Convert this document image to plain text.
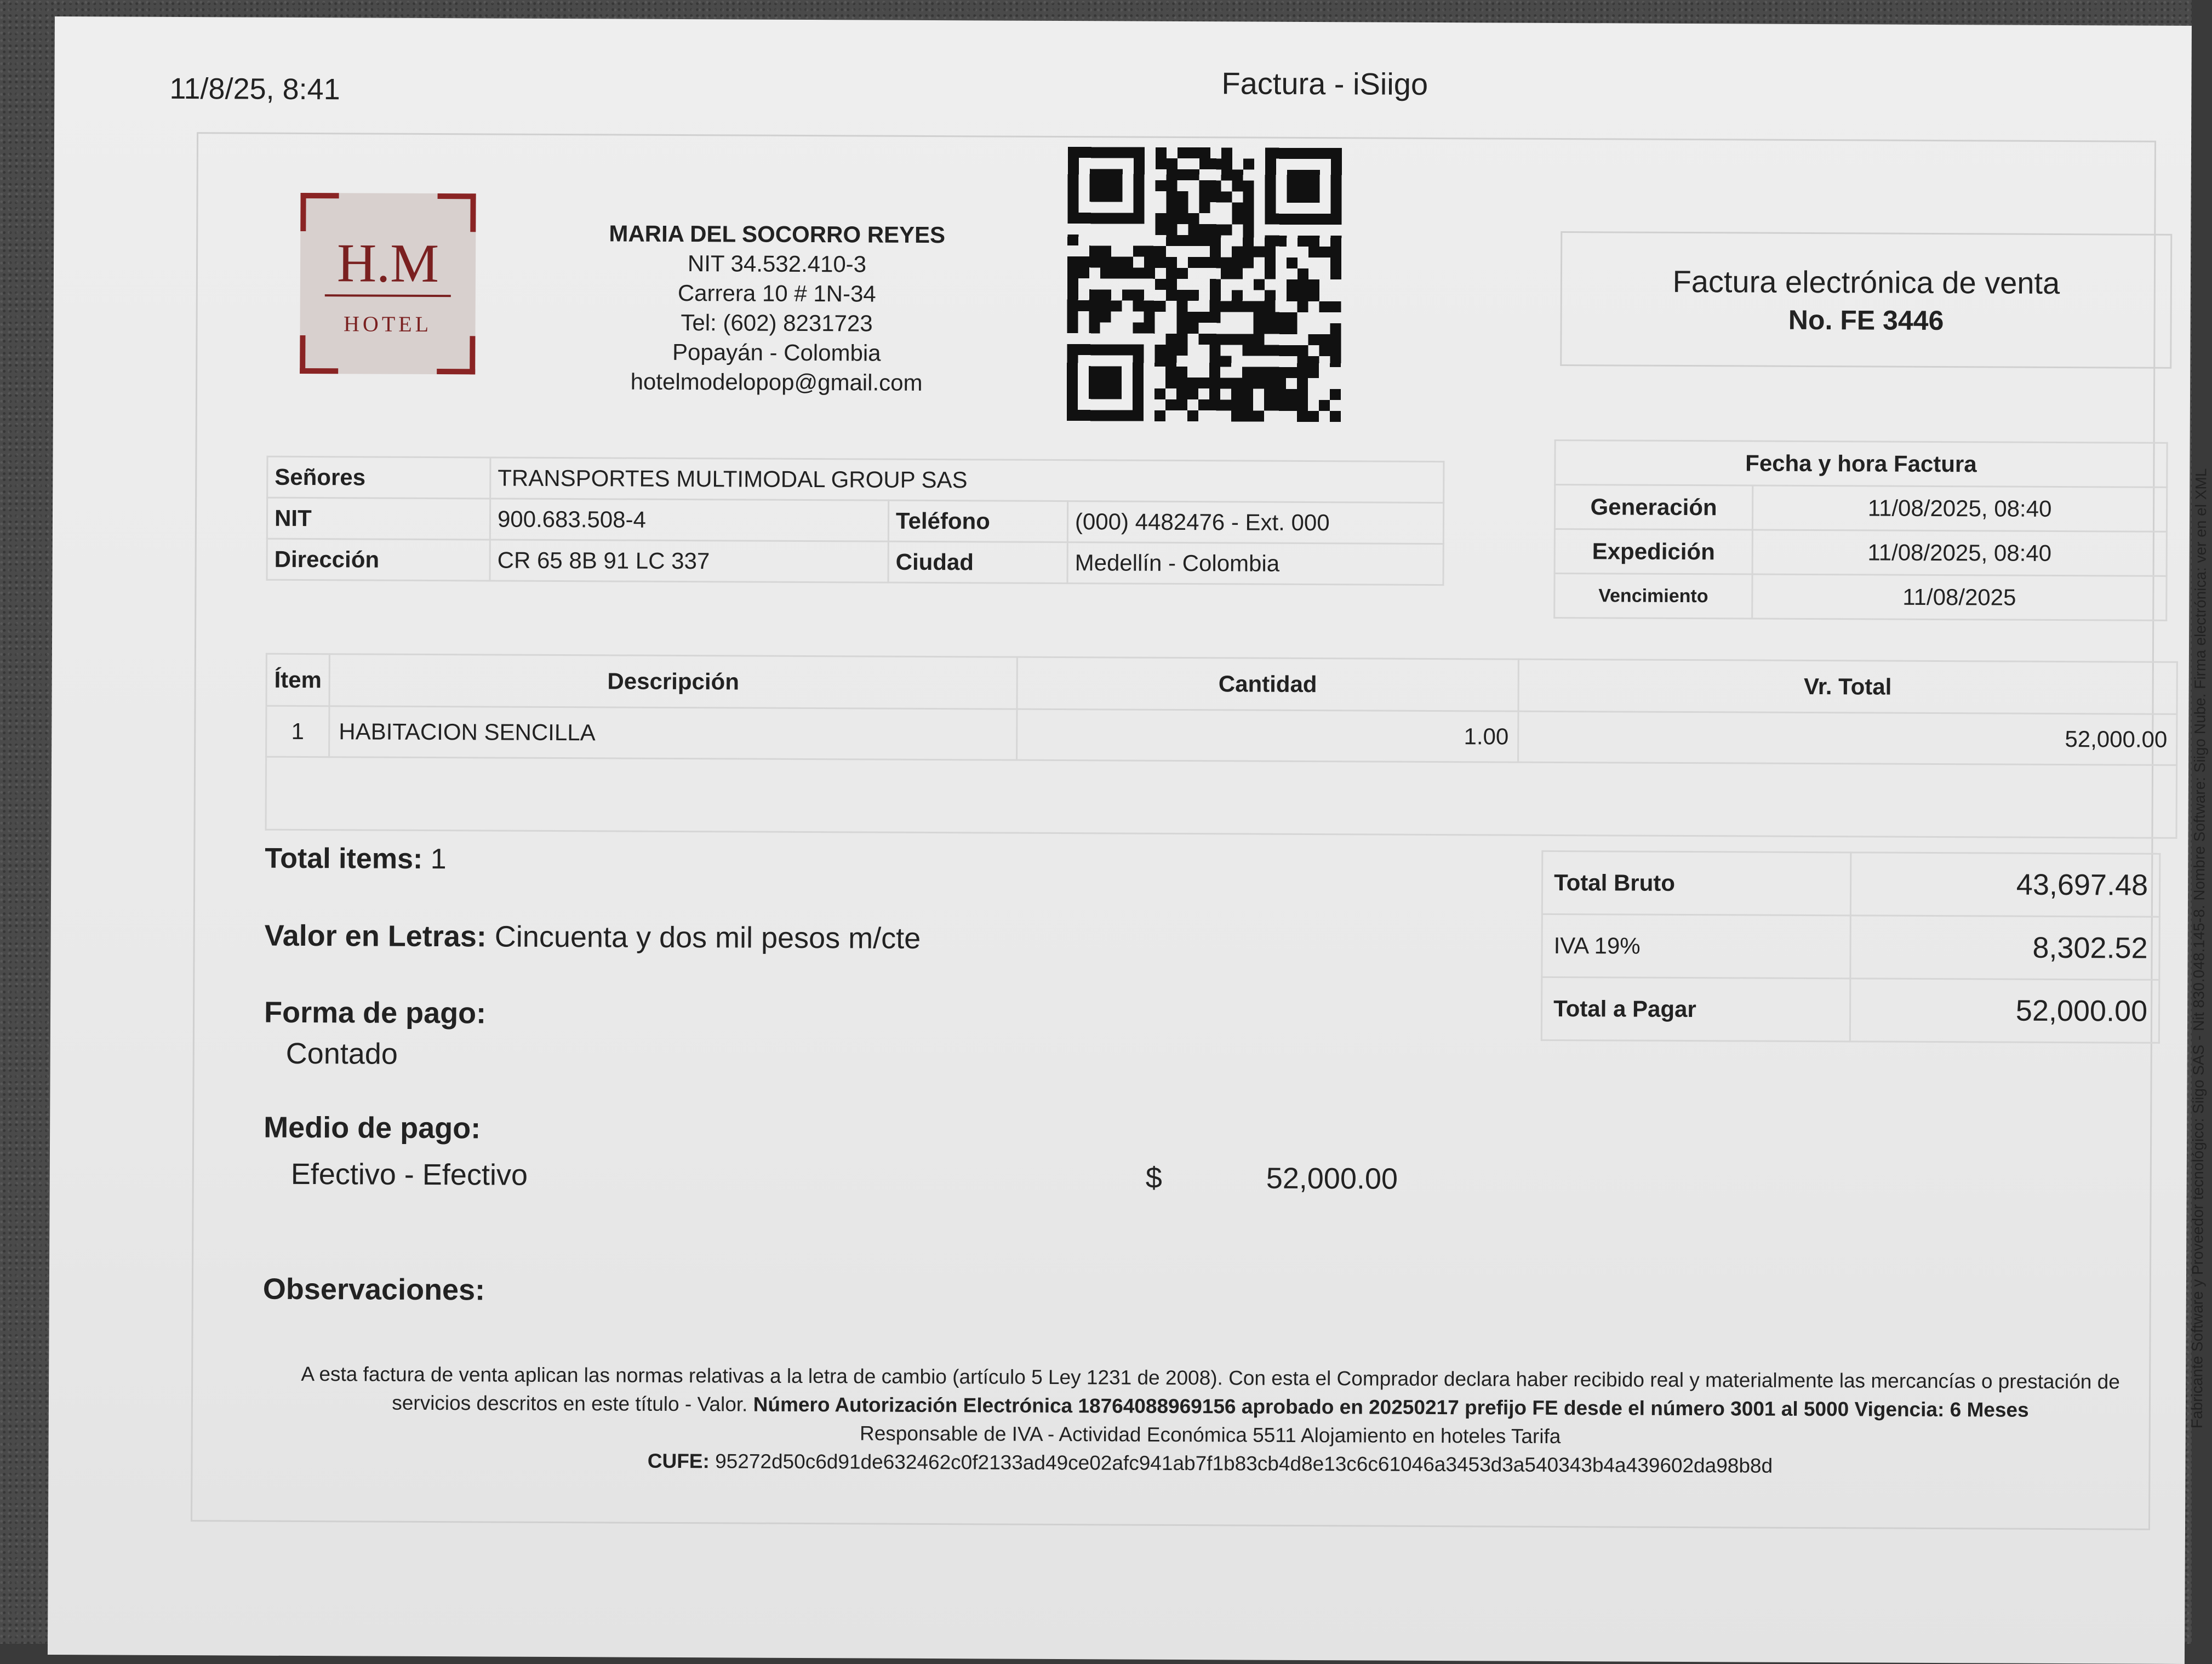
11/8/25, 8:41	Factura - iSiigo
H.M
HOTEL
MARIA DEL SOCORRO REYES
NIT 34.532.410-3
Carrera 10 # 1N-34
Tel: (602) 8231723
Popayán - Colombia
hotelmodelopop@gmail.com
Factura electrónica de venta
No. FE 3446
Señores	TRANSPORTES MULTIMODAL GROUP SAS		
NIT	900.683.508-4	Teléfono	(000) 4482476 - Ext. 000
Dirección	CR 65 8B 91 LC 337	Ciudad	Medellín - Colombia
Fecha y hora Factura	
Generación	11/08/2025, 08:40
Expedición	11/08/2025, 08:40
Vencimiento	11/08/2025
Ítem	Descripción	Cantidad	Vr. Total
1	HABITACION SENCILLA	1.00	52,000.00

Total items: 1
Valor en Letras: Cincuenta y dos mil pesos m/cte
Forma de pago:
Contado
Medio de pago:
Efectivo - Efectivo	$	52,000.00
Observaciones:
Total Bruto	43,697.48
IVA 19%	8,302.52
Total a Pagar	52,000.00
A esta factura de venta aplican las normas relativas a la letra de cambio (artículo 5 Ley 1231 de 2008). Con esta el Comprador declara haber recibido real y materialmente las mercancías o prestación de servicios descritos en este título - Valor. Número Autorización Electrónica 18764088969156 aprobado en 20250217 prefijo FE desde el número 3001 al 5000 Vigencia: 6 Meses
Responsable de IVA - Actividad Económica 5511 Alojamiento en hoteles Tarifa
CUFE: 95272d50c6d91de632462c0f2133ad49ce02afc941ab7f1b83cb4d8e13c6c61046a3453d3a540343b4a439602da98b8d
Fabricante Software y Proveedor tecnológico: Siigo SAS - Nit 830.048.145-8. Nombre Software: Siigo Nube. Firma electrónica: ver en el XML
